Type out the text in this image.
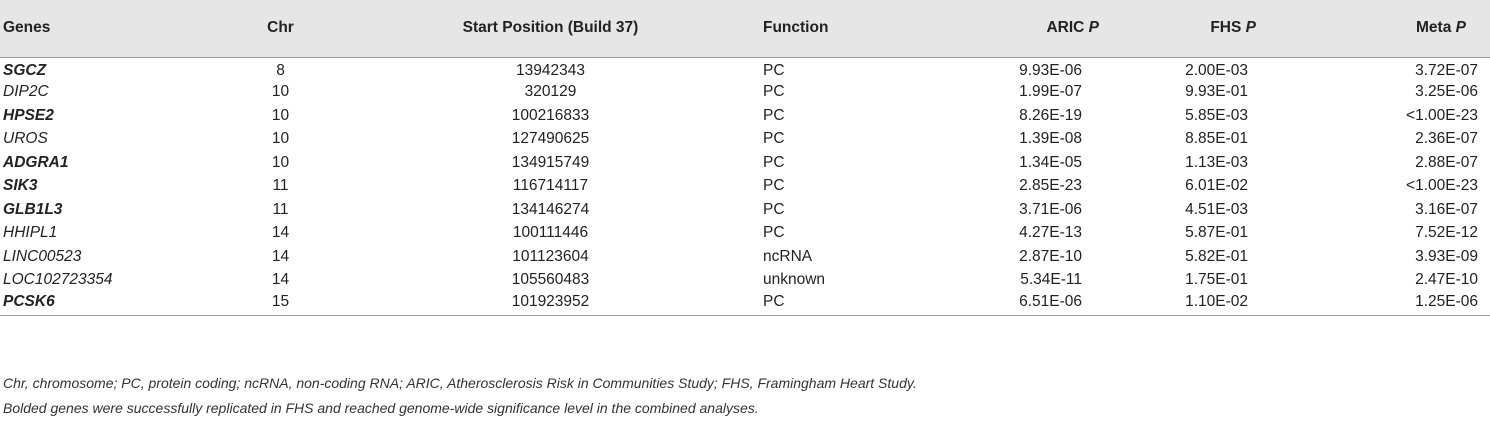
Genes	Chr	Start Position (Build 37)	Function	ARIC P	FHS P	Meta P
SGCZ	8	13942343	PC	9.93E-06	2.00E-03	3.72E-07
DIP2C	10	320129	PC	1.99E-07	9.93E-01	3.25E-06
HPSE2	10	100216833	PC	8.26E-19	5.85E-03	<1.00E-23
UROS	10	127490625	PC	1.39E-08	8.85E-01	2.36E-07
ADGRA1	10	134915749	PC	1.34E-05	1.13E-03	2.88E-07
SIK3	11	116714117	PC	2.85E-23	6.01E-02	<1.00E-23
GLB1L3	11	134146274	PC	3.71E-06	4.51E-03	3.16E-07
HHIPL1	14	100111446	PC	4.27E-13	5.87E-01	7.52E-12
LINC00523	14	101123604	ncRNA	2.87E-10	5.82E-01	3.93E-09
LOC102723354	14	105560483	unknown	5.34E-11	1.75E-01	2.47E-10
PCSK6	15	101923952	PC	6.51E-06	1.10E-02	1.25E-06

Chr, chromosome; PC, protein coding; ncRNA, non-coding RNA; ARIC, Atherosclerosis Risk in Communities Study; FHS, Framingham Heart Study.

Bolded genes were successfully replicated in FHS and reached genome-wide significance level in the combined analyses.
